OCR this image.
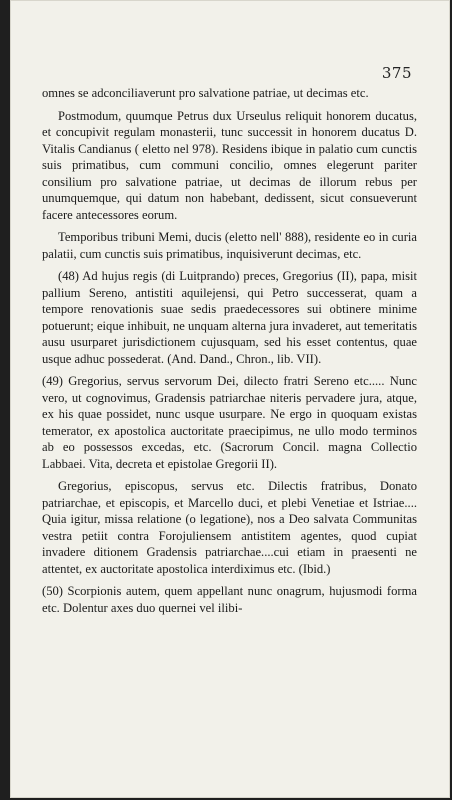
375

omnes se adconciliaverunt pro salvatione patriae, ut decimas etc.

Postmodum, quumque Petrus dux Urseulus reliquit honorem ducatus, et concupivit regulam monasterii, tunc successit in honorem ducatus D. Vitalis Candianus ( eletto nel 978). Residens ibique in palatio cum cunctis suis primatibus, cum communi concilio, omnes elegerunt pariter consilium pro salvatione patriae, ut decimas de illorum rebus per unumquemque, qui datum non habebant, dedissent, sicut consueverunt facere antecessores eorum.

Temporibus tribuni Memi, ducis (eletto nell' 888), residente eo in curia palatii, cum cunctis suis primatibus, inquisiverunt decimas, etc.

(48) Ad hujus regis (di Luitprando) preces, Gregorius (II), papa, misit pallium Sereno, antistiti aquilejensi, qui Petro successerat, quam a tempore renovationis suae sedis praedecessores sui obtinere minime potuerunt; eique inhibuit, ne unquam alterna jura invaderet, aut temeritatis ausu usurparet jurisdictionem cujusquam, sed his esset contentus, quae usque adhuc possederat. (And. Dand., Chron., lib. VII).

(49) Gregorius, servus servorum Dei, dilecto fratri Sereno etc..... Nunc vero, ut cognovimus, Gradensis patriarchae niteris pervadere jura, atque, ex his quae possidet, nunc usque usurpare. Ne ergo in quoquam existas temerator, ex apostolica auctoritate praecipimus, ne ullo modo terminos ab eo possessos excedas, etc. (Sacrorum Concil. magna Collectio Labbaei. Vita, decreta et epistolae Gregorii II).

Gregorius, episcopus, servus etc. Dilectis fratribus, Donato patriarchae, et episcopis, et Marcello duci, et plebi Venetiae et Istriae.... Quia igitur, missa relatione (o legatione), nos a Deo salvata Communitas vestra petiit contra Forojuliensem antistitem agentes, quod cupiat invadere ditionem Gradensis patriarchae....cui etiam in praesenti ne attentet, ex auctoritate apostolica interdiximus etc. (Ibid.)

(50) Scorpionis autem, quem appellant nunc onagrum, hujusmodi forma etc. Dolentur axes duo quernei vel ilibi-
